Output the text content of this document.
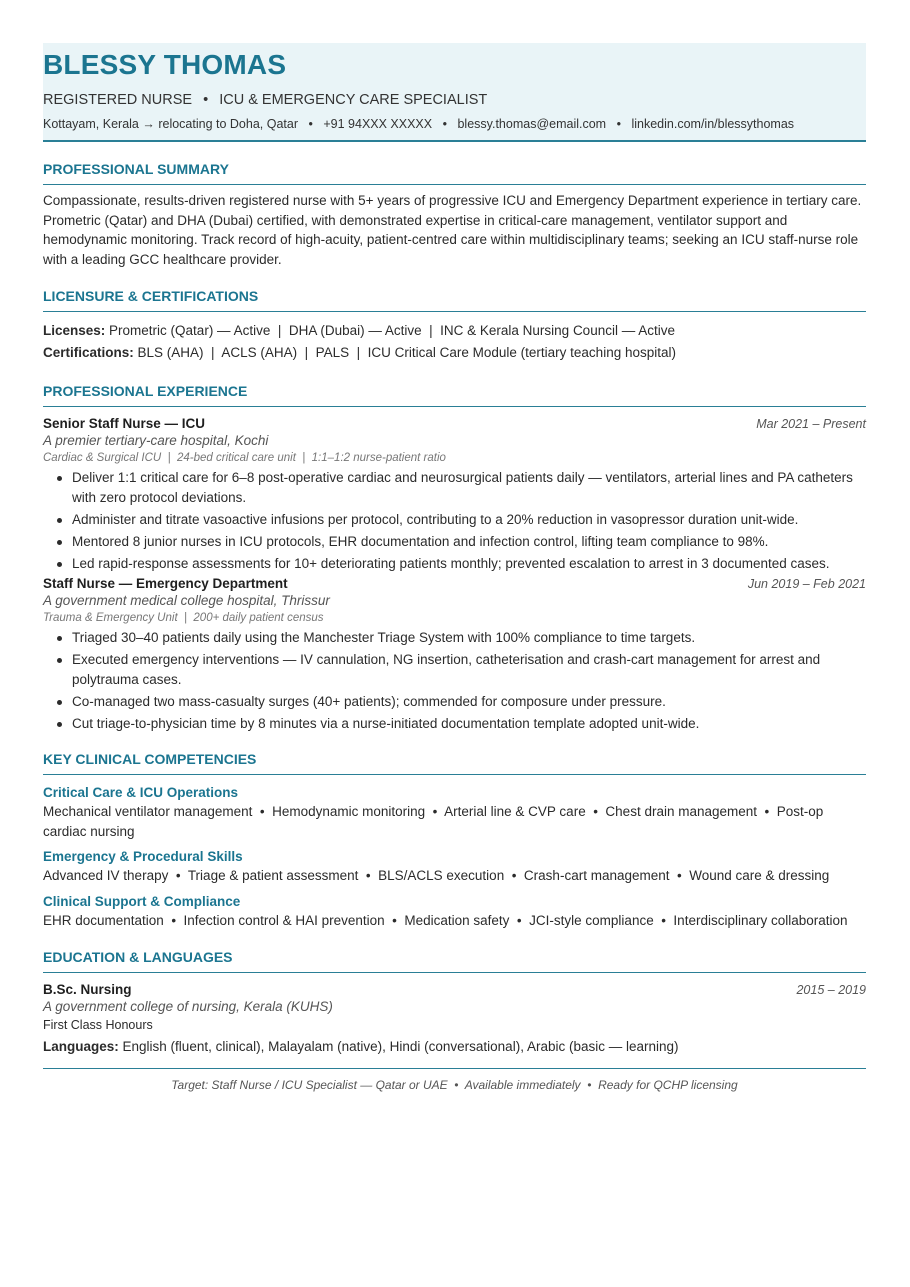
BLESSY THOMAS
REGISTERED NURSE • ICU & EMERGENCY CARE SPECIALIST
Kottayam, Kerala → relocating to Doha, Qatar • +91 94XXX XXXXX • blessy.thomas@email.com • linkedin.com/in/blessythomas
PROFESSIONAL SUMMARY
Compassionate, results-driven registered nurse with 5+ years of progressive ICU and Emergency Department experience in tertiary care. Prometric (Qatar) and DHA (Dubai) certified, with demonstrated expertise in critical-care management, ventilator support and hemodynamic monitoring. Track record of high-acuity, patient-centred care within multidisciplinary teams; seeking an ICU staff-nurse role with a leading GCC healthcare provider.
LICENSURE & CERTIFICATIONS
Licenses: Prometric (Qatar) — Active  |  DHA (Dubai) — Active  |  INC & Kerala Nursing Council — Active
Certifications: BLS (AHA)  |  ACLS (AHA)  |  PALS  |  ICU Critical Care Module (tertiary teaching hospital)
PROFESSIONAL EXPERIENCE
Senior Staff Nurse — ICU	Mar 2021 – Present
A premier tertiary-care hospital, Kochi
Cardiac & Surgical ICU  |  24-bed critical care unit  |  1:1–1:2 nurse-patient ratio
Deliver 1:1 critical care for 6–8 post-operative cardiac and neurosurgical patients daily — ventilators, arterial lines and PA catheters with zero protocol deviations.
Administer and titrate vasoactive infusions per protocol, contributing to a 20% reduction in vasopressor duration unit-wide.
Mentored 8 junior nurses in ICU protocols, EHR documentation and infection control, lifting team compliance to 98%.
Led rapid-response assessments for 10+ deteriorating patients monthly; prevented escalation to arrest in 3 documented cases.
Staff Nurse — Emergency Department	Jun 2019 – Feb 2021
A government medical college hospital, Thrissur
Trauma & Emergency Unit  |  200+ daily patient census
Triaged 30–40 patients daily using the Manchester Triage System with 100% compliance to time targets.
Executed emergency interventions — IV cannulation, NG insertion, catheterisation and crash-cart management for arrest and polytrauma cases.
Co-managed two mass-casualty surges (40+ patients); commended for composure under pressure.
Cut triage-to-physician time by 8 minutes via a nurse-initiated documentation template adopted unit-wide.
KEY CLINICAL COMPETENCIES
Critical Care & ICU Operations
Mechanical ventilator management  •  Hemodynamic monitoring  •  Arterial line & CVP care  •  Chest drain management  •  Post-op cardiac nursing
Emergency & Procedural Skills
Advanced IV therapy  •  Triage & patient assessment  •  BLS/ACLS execution  •  Crash-cart management  •  Wound care & dressing
Clinical Support & Compliance
EHR documentation  •  Infection control & HAI prevention  •  Medication safety  •  JCI-style compliance  •  Interdisciplinary collaboration
EDUCATION & LANGUAGES
B.Sc. Nursing	2015 – 2019
A government college of nursing, Kerala (KUHS)
First Class Honours
Languages: English (fluent, clinical), Malayalam (native), Hindi (conversational), Arabic (basic — learning)
Target: Staff Nurse / ICU Specialist — Qatar or UAE  •  Available immediately  •  Ready for QCHP licensing
